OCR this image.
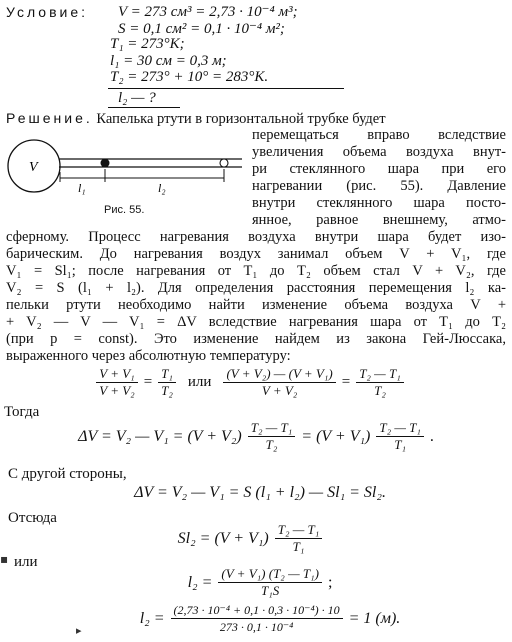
Условие: V = 273 см³ = 2,73 · 10⁻⁴ м³;
S = 0,1 см² = 0,1 · 10⁻⁴ м²;
T₁ = 273°K;
l₁ = 30 см = 0,3 м;
T₂ = 273° + 10° = 283°K.
l₂ — ?
Решение. Капелька ртути в горизонтальной трубке будет
V
l₁	l₂
Рис. 55.
перемещаться вправо вследствие
увеличения объема воздуха внут-
ри стеклянного шара при его
нагревании (рис. 55). Давление
внутри стеклянного шара посто-
янное, равное внешнему, атмо-
сферному. Процесс нагревания воздуха внутри шара будет изо-
барическим. До нагревания воздух занимал объем V + V₁, где
V₁ = Sl₁; после нагревания от T₁ до T₂ объем стал V + V₂, где
V₂ = S (l₁ + l₂). Для определения расстояния перемещения l₂ ка-
пельки ртути необходимо найти изменение объема воздуха V +
+ V₂ — V — V₁ = ΔV вследствие нагревания шара от T₁ до T₂
(при p = const). Это изменение найдем из закона Гей-Люссака,
выраженного через абсолютную температуру:
$\frac{\text{V + V₁}}{\text{V + V₂}} = \frac{\text{T₁}}{\text{T₂}}$ или $\frac{\text{(V + V₂) — (V + V₁)}}{\text{V + V₂}} = \frac{\text{T₂ — T₁}}{\text{T₂}}$
Тогда
ΔV = V₂ — $V_1 = (V + V_2) \frac{\text{T₂ — T₁}}{\text{T₂}} = (V + V_1) \frac{\text{T₂ — T₁}}{\text{T₁}}$ .
С другой стороны,
ΔV = V₂ — V₁ = S (l₁ + l₂) — Sl₁ = Sl₂.
Отсюда
$Sl_2 = (V + V_1) \frac{\text{T₂ — T₁}}{\text{T₁}}$
▪ или
$l_2 = \frac{\text{(V + V₁) (T₂ — T₁)}}{\text{T₁S}}$ ;
$l_2 = \frac{\text{(2,73 · 10⁻⁴ + 0,1 · 0,3 · 10⁻⁴) · 10}}{\text{273 · 0,1 · 10⁻⁴}} = 1$ (м).
▸
